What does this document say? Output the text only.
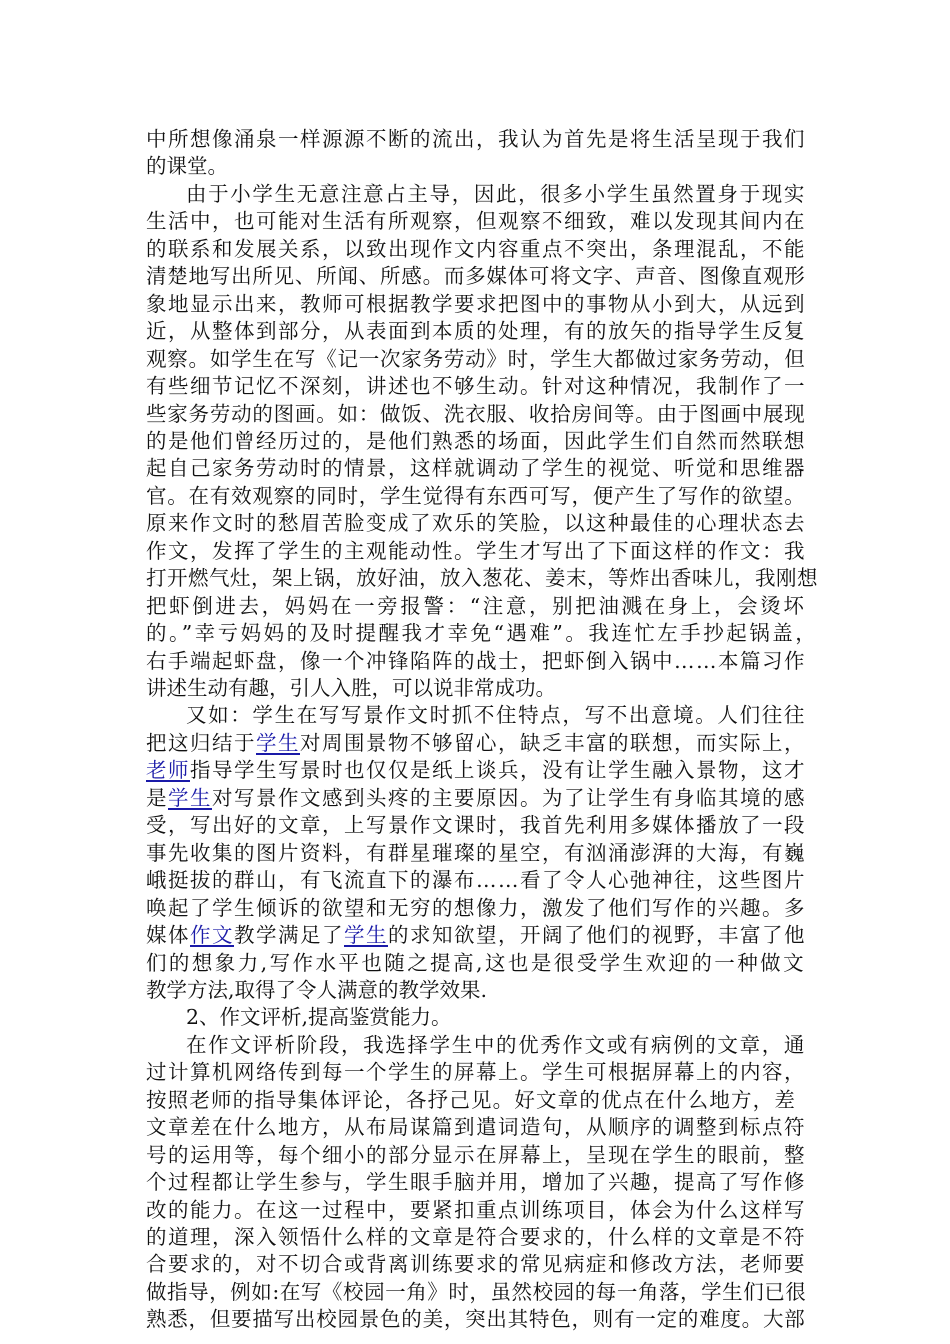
中所想像涌泉一样源源不断的流出，我认为首先是将生活呈现于我们
的课堂。
由于小学生无意注意占主导，因此，很多小学生虽然置身于现实
生活中，也可能对生活有所观察，但观察不细致，难以发现其间内在
的联系和发展关系，以致出现作文内容重点不突出，条理混乱，不能
清楚地写出所见、所闻、所感。而多媒体可将文字、声音、图像直观形
象地显示出来，教师可根据教学要求把图中的事物从小到大，从远到
近，从整体到部分，从表面到本质的处理，有的放矢的指导学生反复
观察。如学生在写《记一次家务劳动》时，学生大都做过家务劳动，但
有些细节记忆不深刻，讲述也不够生动。针对这种情况，我制作了一
些家务劳动的图画。如：做饭、洗衣服、收拾房间等。由于图画中展现
的是他们曾经历过的，是他们熟悉的场面，因此学生们自然而然联想
起自己家务劳动时的情景，这样就调动了学生的视觉、听觉和思维器
官。在有效观察的同时，学生觉得有东西可写，便产生了写作的欲望。
原来作文时的愁眉苦脸变成了欢乐的笑脸，以这种最佳的心理状态去
作文，发挥了学生的主观能动性。学生才写出了下面这样的作文：我
打开燃气灶，架上锅，放好油，放入葱花、姜末，等炸出香味儿，我刚想
把虾倒进去，妈妈在一旁报警：“注意，别把油溅在身上，会烫坏
的。”幸亏妈妈的及时提醒我才幸免“遇难”。我连忙左手抄起锅盖，
右手端起虾盘，像一个冲锋陷阵的战士，把虾倒入锅中……本篇习作
讲述生动有趣，引人入胜，可以说非常成功。
又如：学生在写写景作文时抓不住特点，写不出意境。人们往往
把这归结于学生对周围景物不够留心，缺乏丰富的联想，而实际上，
老师指导学生写景时也仅仅是纸上谈兵，没有让学生融入景物，这才
是学生对写景作文感到头疼的主要原因。为了让学生有身临其境的感
受，写出好的文章，上写景作文课时，我首先利用多媒体播放了一段
事先收集的图片资料，有群星璀璨的星空，有汹涌澎湃的大海，有巍
峨挺拔的群山，有飞流直下的瀑布……看了令人心弛神往，这些图片
唤起了学生倾诉的欲望和无穷的想像力，激发了他们写作的兴趣。多
媒体作文教学满足了学生的求知欲望，开阔了他们的视野，丰富了他
们的想象力,写作水平也随之提高,这也是很受学生欢迎的一种做文
教学方法,取得了令人满意的教学效果.
2、作文评析,提高鉴赏能力。
在作文评析阶段，我选择学生中的优秀作文或有病例的文章，通
过计算机网络传到每一个学生的屏幕上。学生可根据屏幕上的内容，
按照老师的指导集体评论，各抒己见。好文章的优点在什么地方，差
文章差在什么地方，从布局谋篇到遣词造句，从顺序的调整到标点符
号的运用等，每个细小的部分显示在屏幕上，呈现在学生的眼前，整
个过程都让学生参与，学生眼手脑并用，增加了兴趣，提高了写作修
改的能力。在这一过程中，要紧扣重点训练项目，体会为什么这样写
的道理，深入领悟什么样的文章是符合要求的，什么样的文章是不符
合要求的，对不切合或背离训练要求的常见病症和修改方法，老师要
做指导，例如:在写《校园一角》时，虽然校园的每一角落，学生们已很
熟悉，但要描写出校园景色的美，突出其特色，则有一定的难度。大部
